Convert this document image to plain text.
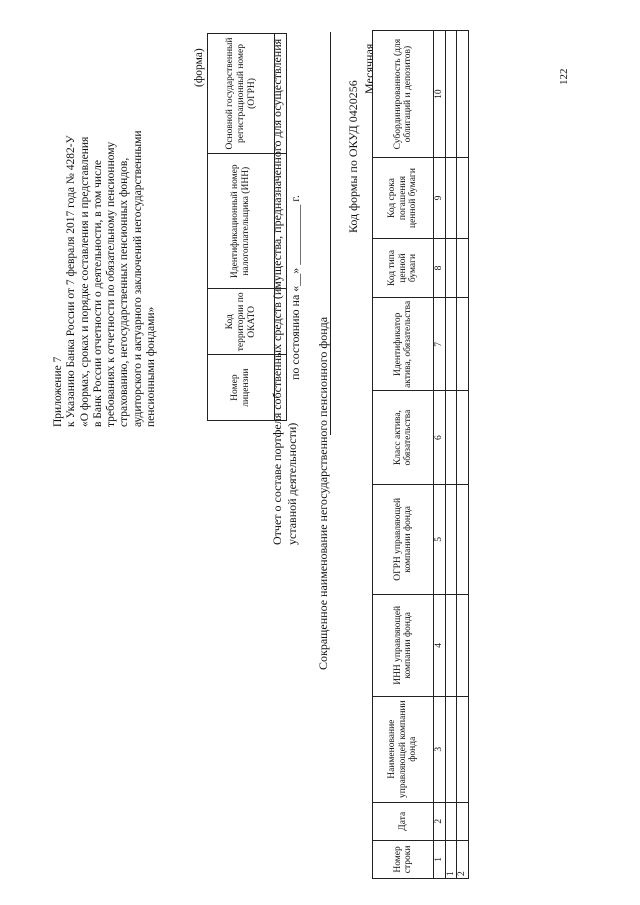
122
Приложение 7 к Указанию Банка России от 7 февраля 2017 года № 4282-У «О формах, сроках и порядке составления и представления в Банк России отчетности о деятельности, в том числе требованиях к отчетности по обязательному пенсионному страхованию, негосударственных пенсионных фондов, аудиторского и актуарного заключений негосударственными пенсионными фондами»
(форма)
Номер лицензии	Код территории по ОКАТО	Идентификационный номер налогоплательщика (ИНН)	Основной государственный регистрационный номер (ОГРН)
			Отчет о составе портфеля собственных средств (имущества, предназначенного для осуществления уставной деятельности)
по состоянию на «__» __________ г.
Сокращенное наименование негосударственного пенсионного фонда
Код формы по ОКУД 0420256
Месячная
Номер строки	Дата	Наименование управляющей компании фонда	ИНН управляющей компании фонда	ОГРН управляющей компании фонда	Класс актива, обязательства	Идентификатор актива, обязательства	Код типа ценной бумаги	Код срока погашения ценной бумаги	Субординированность (для облигаций и депозитов)
1	2	3	4	5	6	7	8	9	10
1									
2									
